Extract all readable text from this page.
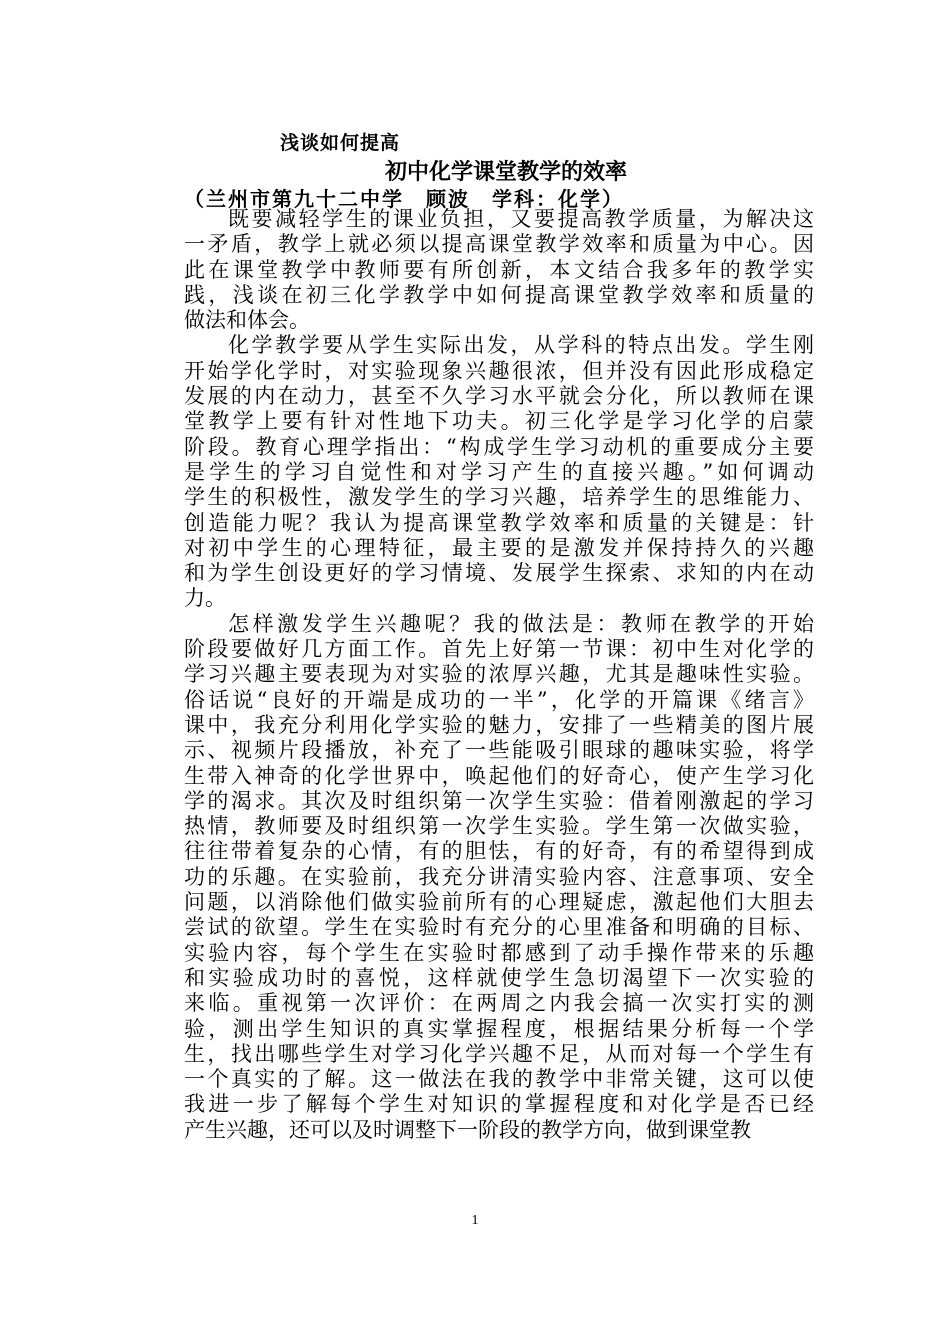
浅谈如何提高
初中化学课堂教学的效率
（兰州市第九十二中学　顾波　学科：化学）
既要减轻学生的课业负担，又要提高教学质量，为解决这
一矛盾，教学上就必须以提高课堂教学效率和质量为中心。因
此在课堂教学中教师要有所创新，本文结合我多年的教学实
践，浅谈在初三化学教学中如何提高课堂教学效率和质量的
做法和体会。
化学教学要从学生实际出发，从学科的特点出发。学生刚
开始学化学时，对实验现象兴趣很浓，但并没有因此形成稳定
发展的内在动力，甚至不久学习水平就会分化，所以教师在课
堂教学上要有针对性地下功夫。初三化学是学习化学的启蒙
阶段。教育心理学指出：“构成学生学习动机的重要成分主要
是学生的学习自觉性和对学习产生的直接兴趣。”如何调动
学生的积极性，激发学生的学习兴趣，培养学生的思维能力、
创造能力呢？我认为提高课堂教学效率和质量的关键是：针
对初中学生的心理特征，最主要的是激发并保持持久的兴趣
和为学生创设更好的学习情境、发展学生探索、求知的内在动
力。
怎样激发学生兴趣呢？我的做法是：教师在教学的开始
阶段要做好几方面工作。首先上好第一节课：初中生对化学的
学习兴趣主要表现为对实验的浓厚兴趣，尤其是趣味性实验。
俗话说“良好的开端是成功的一半”，化学的开篇课《绪言》
课中，我充分利用化学实验的魅力，安排了一些精美的图片展
示、视频片段播放，补充了一些能吸引眼球的趣味实验，将学
生带入神奇的化学世界中，唤起他们的好奇心，使产生学习化
学的渴求。其次及时组织第一次学生实验：借着刚激起的学习
热情，教师要及时组织第一次学生实验。学生第一次做实验，
往往带着复杂的心情，有的胆怯，有的好奇，有的希望得到成
功的乐趣。在实验前，我充分讲清实验内容、注意事项、安全
问题，以消除他们做实验前所有的心理疑虑，激起他们大胆去
尝试的欲望。学生在实验时有充分的心里准备和明确的目标、
实验内容，每个学生在实验时都感到了动手操作带来的乐趣
和实验成功时的喜悦，这样就使学生急切渴望下一次实验的
来临。重视第一次评价：在两周之内我会搞一次实打实的测
验，测出学生知识的真实掌握程度，根据结果分析每一个学
生，找出哪些学生对学习化学兴趣不足，从而对每一个学生有
一个真实的了解。这一做法在我的教学中非常关键，这可以使
我进一步了解每个学生对知识的掌握程度和对化学是否已经
产生兴趣，还可以及时调整下一阶段的教学方向，做到课堂教
1
